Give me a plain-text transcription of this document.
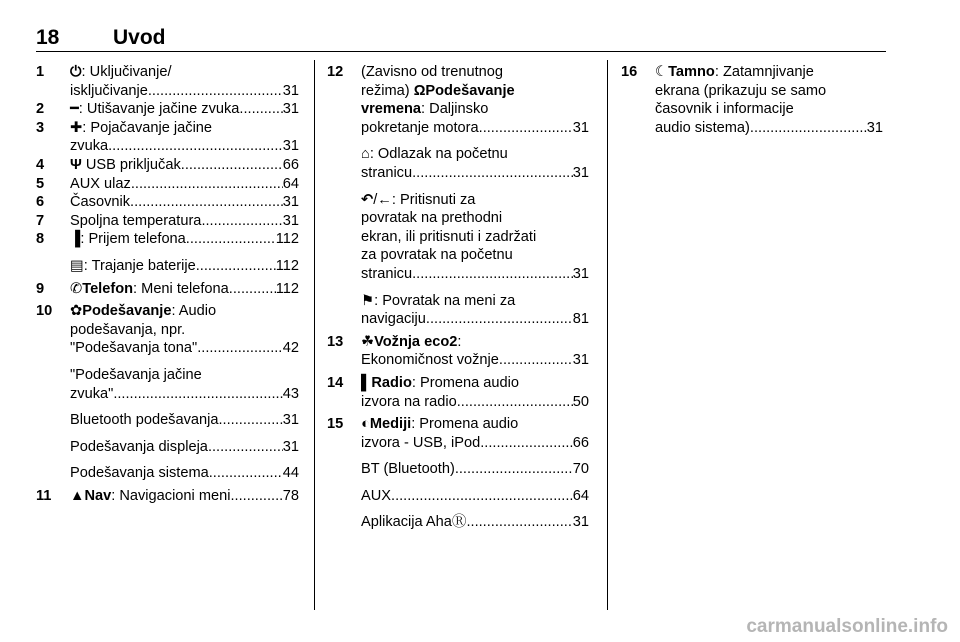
18	Uvod
1 ⏻: Uključivanje/
isključivanje .....	31
2 ━: Utišavanje jačine zvuka .....	31
3 ✚: Pojačavanje jačine
zvuka .....	31
4 Ψ USB priključak .....	66
5 AUX ulaz .....	64
6 Časovnik .....	31
7 Spoljna temperatura .....	31
8 ▐: Prijem telefona .....	112
▤: Trajanje baterije .....	112
9 ✆Telefon: Meni telefona .....	112
10 ✿Podešavanje: Audio
podešavanja, npr.
"Podešavanja tona" .....	42
"Podešavanja jačine
zvuka" .....	43
Bluetooth podešavanja .....	31
Podešavanja displeja .....	31
Podešavanja sistema .....	44
11 ▲Nav: Navigacioni meni .....	78
12 (Zavisno od trenutnog
režima) ΩPodešavanje
vremena: Daljinsko
pokretanje motora .....	31
⌂: Odlazak na početnu
stranicu .....	31
↶/←: Pritisnuti za
povratak na prethodni
ekran, ili pritisnuti i zadržati
za povratak na početnu
stranicu .....	31
⚑: Povratak na meni za
navigaciju .....	81
13 ☘Vožnja eco2:
Ekonomičnost vožnje .....	31
14 ▌Radio: Promena audio
izvora na radio .....	50
15 ◐Mediji: Promena audio
izvora - USB, iPod .....	66
BT (Bluetooth) .....	70
AUX .....	64
Aplikacija AhaⓇ .....	31
16 ☾Tamno: Zatamnjivanje
ekrana (prikazuju se samo
časovnik i informacije
audio sistema) .....	31
carmanualsonline.info
